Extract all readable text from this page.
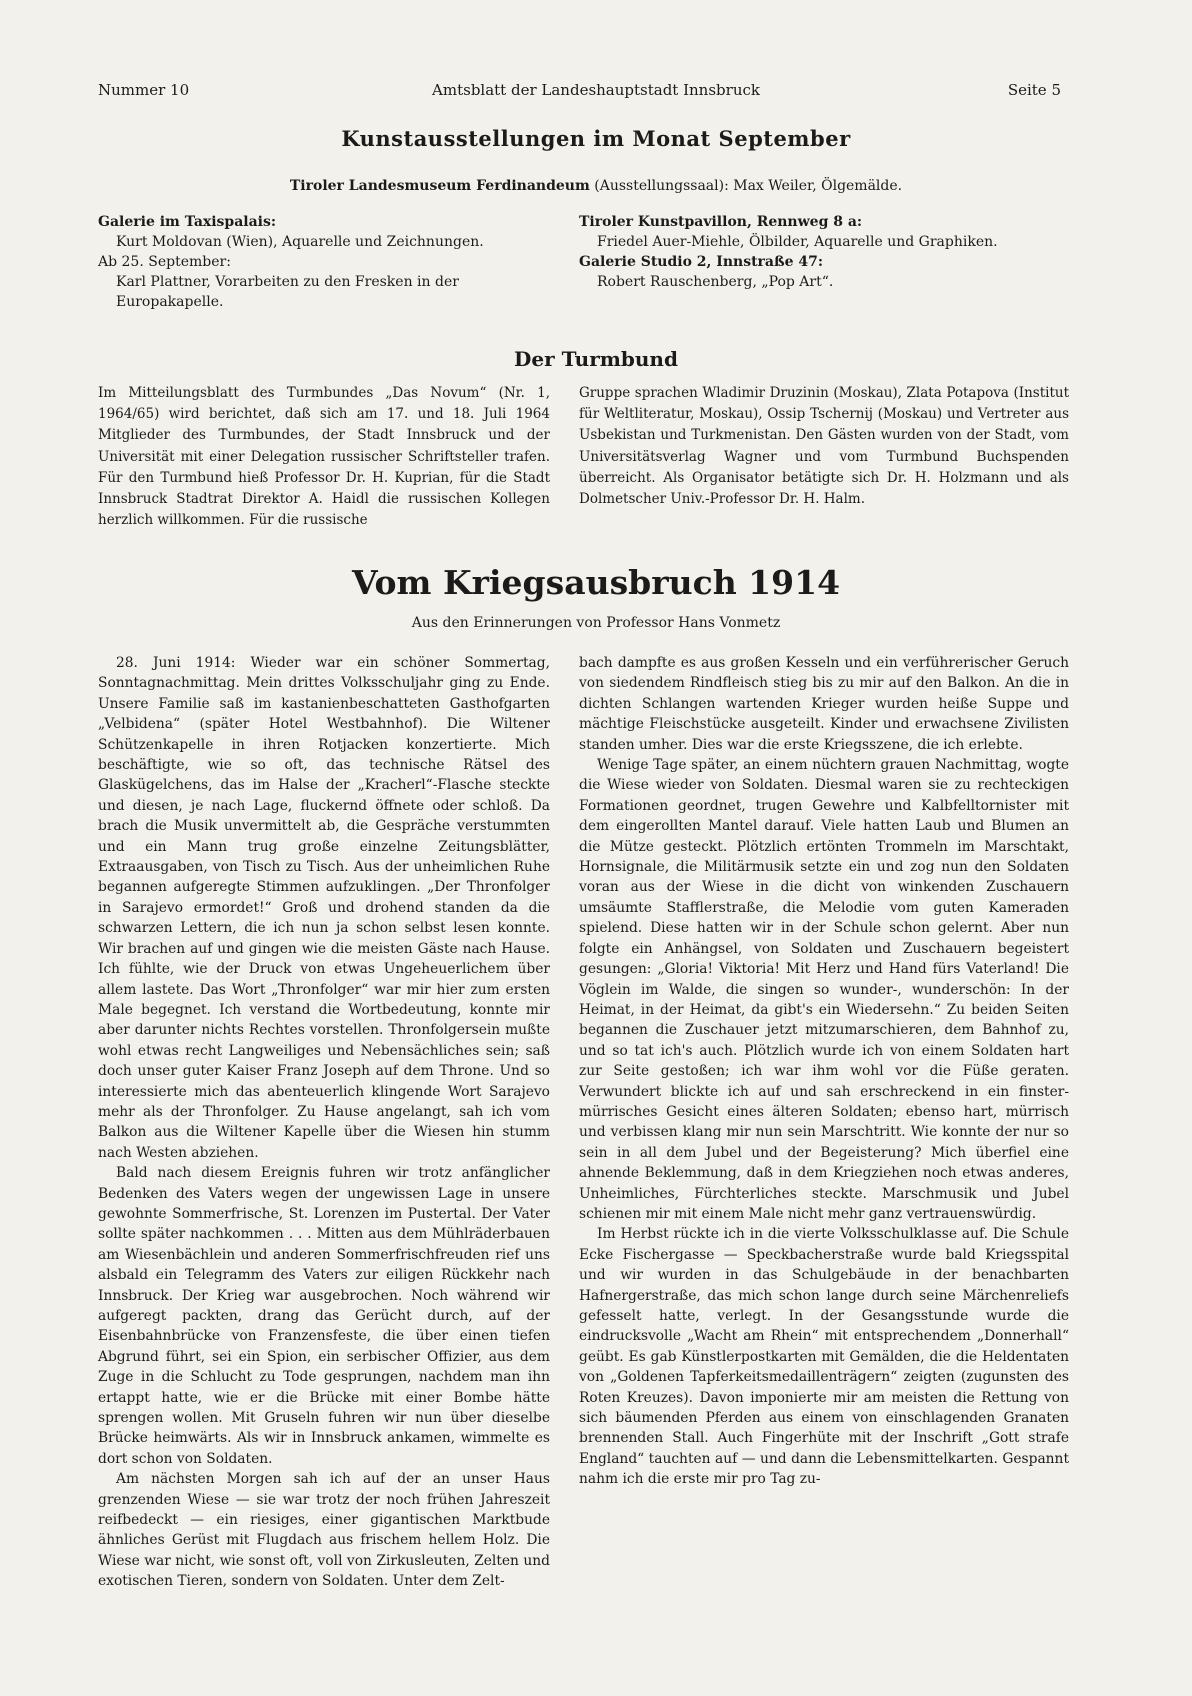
Nummer 10	Amtsblatt der Landeshauptstadt Innsbruck	Seite 5
Kunstausstellungen im Monat September
Tiroler Landesmuseum Ferdinandeum (Ausstellungssaal): Max Weiler, Ölgemälde.
Galerie im Taxispalais:
Kurt Moldovan (Wien), Aquarelle und Zeichnungen.
Ab 25. September:
Karl Plattner, Vorarbeiten zu den Fresken in der Europakapelle.
Tiroler Kunstpavillon, Rennweg 8 a:
Friedel Auer-Miehle, Ölbilder, Aquarelle und Graphiken.
Galerie Studio 2, Innstraße 47:
Robert Rauschenberg, „Pop Art“.
Der Turmbund
Im Mitteilungsblatt des Turmbundes „Das Novum“ (Nr. 1, 1964/65) wird berichtet, daß sich am 17. und 18. Juli 1964 Mitglieder des Turmbundes, der Stadt Innsbruck und der Universität mit einer Delegation russischer Schriftsteller trafen. Für den Turmbund hieß Professor Dr. H. Kuprian, für die Stadt Innsbruck Stadtrat Direktor A. Haidl die russischen Kollegen herzlich willkommen. Für die russische
Gruppe sprachen Wladimir Druzinin (Moskau), Zlata Potapova (Institut für Weltliteratur, Moskau), Ossip Tschernij (Moskau) und Vertreter aus Usbekistan und Turkmenistan. Den Gästen wurden von der Stadt, vom Universitätsverlag Wagner und vom Turmbund Buchspenden überreicht. Als Organisator betätigte sich Dr. H. Holzmann und als Dolmetscher Univ.-Professor Dr. H. Halm.
Vom Kriegsausbruch 1914
Aus den Erinnerungen von Professor Hans Vonmetz

28. Juni 1914: Wieder war ein schöner Sommertag, Sonntagnachmittag. Mein drittes Volksschuljahr ging zu Ende. Unsere Familie saß im kastanienbeschatteten Gasthofgarten „Velbidena“ (später Hotel Westbahnhof). Die Wiltener Schützenkapelle in ihren Rotjacken konzertierte. Mich beschäftigte, wie so oft, das technische Rätsel des Glaskügelchens, das im Halse der „Kracherl“-Flasche steckte und diesen, je nach Lage, fluckernd öffnete oder schloß. Da brach die Musik unvermittelt ab, die Gespräche verstummten und ein Mann trug große einzelne Zeitungsblätter, Extraausgaben, von Tisch zu Tisch. Aus der unheimlichen Ruhe begannen aufgeregte Stimmen aufzuklingen. „Der Thronfolger in Sarajevo ermordet!“ Groß und drohend standen da die schwarzen Lettern, die ich nun ja schon selbst lesen konnte. Wir brachen auf und gingen wie die meisten Gäste nach Hause. Ich fühlte, wie der Druck von etwas Ungeheuerlichem über allem lastete. Das Wort „Thronfolger“ war mir hier zum ersten Male begegnet. Ich verstand die Wortbedeutung, konnte mir aber darunter nichts Rechtes vorstellen. Thronfolgersein mußte wohl etwas recht Langweiliges und Nebensächliches sein; saß doch unser guter Kaiser Franz Joseph auf dem Throne. Und so interessierte mich das abenteuerlich klingende Wort Sarajevo mehr als der Thronfolger. Zu Hause angelangt, sah ich vom Balkon aus die Wiltener Kapelle über die Wiesen hin stumm nach Westen abziehen.

Bald nach diesem Ereignis fuhren wir trotz anfänglicher Bedenken des Vaters wegen der ungewissen Lage in unsere gewohnte Sommerfrische, St. Lorenzen im Pustertal. Der Vater sollte später nachkommen . . . Mitten aus dem Mühlräderbauen am Wiesenbächlein und anderen Sommerfrischfreuden rief uns alsbald ein Telegramm des Vaters zur eiligen Rückkehr nach Innsbruck. Der Krieg war ausgebrochen. Noch während wir aufgeregt packten, drang das Gerücht durch, auf der Eisenbahnbrücke von Franzensfeste, die über einen tiefen Abgrund führt, sei ein Spion, ein serbischer Offizier, aus dem Zuge in die Schlucht zu Tode gesprungen, nachdem man ihn ertappt hatte, wie er die Brücke mit einer Bombe hätte sprengen wollen. Mit Gruseln fuhren wir nun über dieselbe Brücke heimwärts. Als wir in Innsbruck ankamen, wimmelte es dort schon von Soldaten.

Am nächsten Morgen sah ich auf der an unser Haus grenzenden Wiese — sie war trotz der noch frühen Jahreszeit reifbedeckt — ein riesiges, einer gigantischen Marktbude ähnliches Gerüst mit Flugdach aus frischem hellem Holz. Die Wiese war nicht, wie sonst oft, voll von Zirkusleuten, Zelten und exotischen Tieren, sondern von Soldaten. Unter dem Zelt-

bach dampfte es aus großen Kesseln und ein verführerischer Geruch von siedendem Rindfleisch stieg bis zu mir auf den Balkon. An die in dichten Schlangen wartenden Krieger wurden heiße Suppe und mächtige Fleischstücke ausgeteilt. Kinder und erwachsene Zivilisten standen umher. Dies war die erste Kriegsszene, die ich erlebte.

Wenige Tage später, an einem nüchtern grauen Nachmittag, wogte die Wiese wieder von Soldaten. Diesmal waren sie zu rechteckigen Formationen geordnet, trugen Gewehre und Kalbfelltornister mit dem eingerollten Mantel darauf. Viele hatten Laub und Blumen an die Mütze gesteckt. Plötzlich ertönten Trommeln im Marschtakt, Hornsignale, die Militärmusik setzte ein und zog nun den Soldaten voran aus der Wiese in die dicht von winkenden Zuschauern umsäumte Stafflerstraße, die Melodie vom guten Kameraden spielend. Diese hatten wir in der Schule schon gelernt. Aber nun folgte ein Anhängsel, von Soldaten und Zuschauern begeistert gesungen: „Gloria! Viktoria! Mit Herz und Hand fürs Vaterland! Die Vöglein im Walde, die singen so wunder-, wunderschön: In der Heimat, in der Heimat, da gibt's ein Wiedersehn.“ Zu beiden Seiten begannen die Zuschauer jetzt mitzumarschieren, dem Bahnhof zu, und so tat ich's auch. Plötzlich wurde ich von einem Soldaten hart zur Seite gestoßen; ich war ihm wohl vor die Füße geraten. Verwundert blickte ich auf und sah erschreckend in ein finster-mürrisches Gesicht eines älteren Soldaten; ebenso hart, mürrisch und verbissen klang mir nun sein Marschtritt. Wie konnte der nur so sein in all dem Jubel und der Begeisterung? Mich überfiel eine ahnende Beklemmung, daß in dem Kriegziehen noch etwas anderes, Unheimliches, Fürchterliches steckte. Marschmusik und Jubel schienen mir mit einem Male nicht mehr ganz vertrauenswürdig.

Im Herbst rückte ich in die vierte Volksschulklasse auf. Die Schule Ecke Fischergasse — Speckbacherstraße wurde bald Kriegsspital und wir wurden in das Schulgebäude in der benachbarten Hafnergerstraße, das mich schon lange durch seine Märchenreliefs gefesselt hatte, verlegt. In der Gesangsstunde wurde die eindrucksvolle „Wacht am Rhein“ mit entsprechendem „Donnerhall“ geübt. Es gab Künstlerpostkarten mit Gemälden, die die Heldentaten von „Goldenen Tapferkeitsmedaillenträgern“ zeigten (zugunsten des Roten Kreuzes). Davon imponierte mir am meisten die Rettung von sich bäumenden Pferden aus einem von einschlagenden Granaten brennenden Stall. Auch Fingerhüte mit der Inschrift „Gott strafe England“ tauchten auf — und dann die Lebensmittelkarten. Gespannt nahm ich die erste mir pro Tag zu-
